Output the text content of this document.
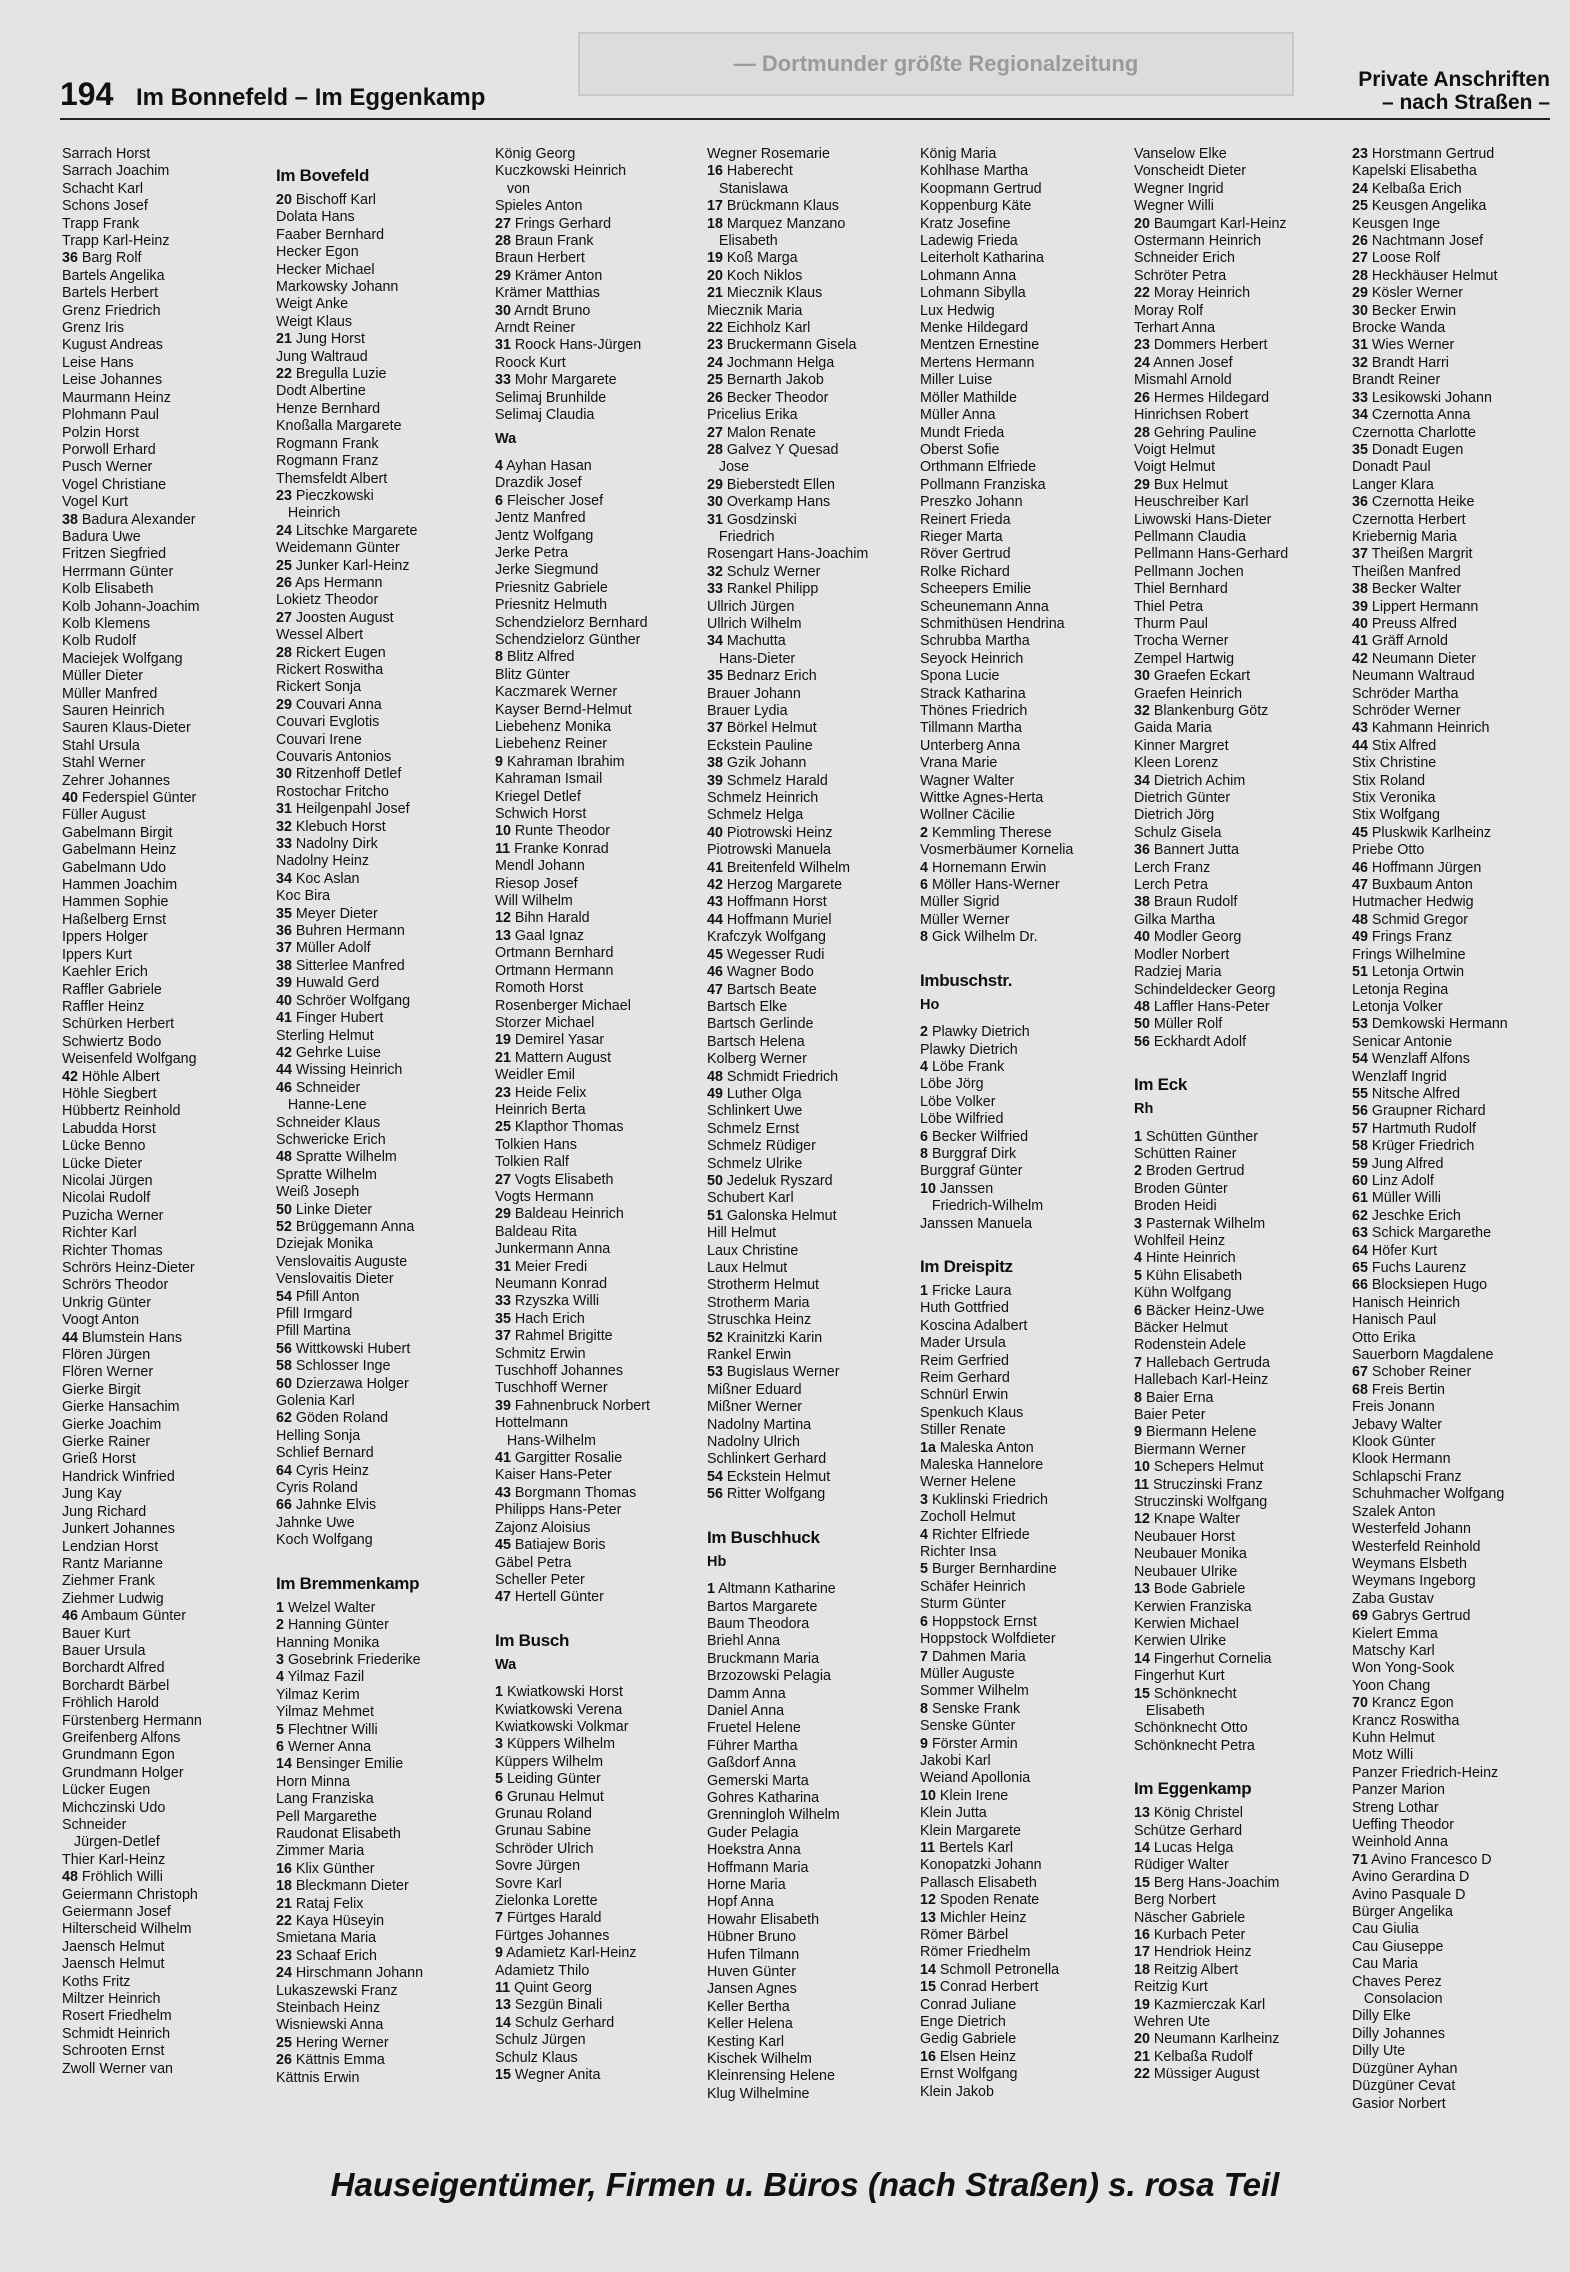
— Dortmunder größte Regionalzeitung
194 Im Bonnefeld – Im Eggenkamp
Private Anschriften
– nach Straßen –
Sarrach Horst
Sarrach Joachim
Schacht Karl
Schons Josef
Trapp Frank
Trapp Karl-Heinz
36 Barg Rolf
Bartels Angelika
Bartels Herbert
Grenz Friedrich
Grenz Iris
Kugust Andreas
Leise Hans
Leise Johannes
Maurmann Heinz
Plohmann Paul
Polzin Horst
Porwoll Erhard
Pusch Werner
Vogel Christiane
Vogel Kurt
38 Badura Alexander
Badura Uwe
Fritzen Siegfried
Herrmann Günter
Kolb Elisabeth
Kolb Johann-Joachim
Kolb Klemens
Kolb Rudolf
Maciejek Wolfgang
Müller Dieter
Müller Manfred
Sauren Heinrich
Sauren Klaus-Dieter
Stahl Ursula
Stahl Werner
Zehrer Johannes
40 Federspiel Günter
Füller August
Gabelmann Birgit
Gabelmann Heinz
Gabelmann Udo
Hammen Joachim
Hammen Sophie
Haßelberg Ernst
Ippers Holger
Ippers Kurt
Kaehler Erich
Raffler Gabriele
Raffler Heinz
Schürken Herbert
Schwiertz Bodo
Weisenfeld Wolfgang
42 Höhle Albert
Höhle Siegbert
Hübbertz Reinhold
Labudda Horst
Lücke Benno
Lücke Dieter
Nicolai Jürgen
Nicolai Rudolf
Puzicha Werner
Richter Karl
Richter Thomas
Schrörs Heinz-Dieter
Schrörs Theodor
Unkrig Günter
Voogt Anton
44 Blumstein Hans
Flören Jürgen
Flören Werner
Gierke Birgit
Gierke Hansachim
Gierke Joachim
Gierke Rainer
Grieß Horst
Handrick Winfried
Jung Kay
Jung Richard
Junkert Johannes
Lendzian Horst
Rantz Marianne
Ziehmer Frank
Ziehmer Ludwig
46 Ambaum Günter
Bauer Kurt
Bauer Ursula
Borchardt Alfred
Borchardt Bärbel
Fröhlich Harold
Fürstenberg Hermann
Greifenberg Alfons
Grundmann Egon
Grundmann Holger
Lücker Eugen
Michczinski Udo
Schneider
Jürgen-Detlef
Thier Karl-Heinz
48 Fröhlich Willi
Geiermann Christoph
Geiermann Josef
Hilterscheid Wilhelm
Jaensch Helmut
Jaensch Helmut
Koths Fritz
Miltzer Heinrich
Rosert Friedhelm
Schmidt Heinrich
Schrooten Ernst
Zwoll Werner van
Im Bovefeld
20 Bischoff Karl
Dolata Hans
Faaber Bernhard
Hecker Egon
Hecker Michael
Markowsky Johann
Weigt Anke
Weigt Klaus
21 Jung Horst
Jung Waltraud
22 Bregulla Luzie
Dodt Albertine
Henze Bernhard
Knoßalla Margarete
Rogmann Frank
Rogmann Franz
Themsfeldt Albert
23 Pieczkowski
Heinrich
24 Litschke Margarete
Weidemann Günter
25 Junker Karl-Heinz
26 Aps Hermann
Lokietz Theodor
27 Joosten August
Wessel Albert
28 Rickert Eugen
Rickert Roswitha
Rickert Sonja
29 Couvari Anna
Couvari Evglotis
Couvari Irene
Couvaris Antonios
30 Ritzenhoff Detlef
Rostochar Fritcho
31 Heilgenpahl Josef
32 Klebuch Horst
33 Nadolny Dirk
Nadolny Heinz
34 Koc Aslan
Koc Bira
35 Meyer Dieter
36 Buhren Hermann
37 Müller Adolf
38 Sitterlee Manfred
39 Huwald Gerd
40 Schröer Wolfgang
41 Finger Hubert
Sterling Helmut
42 Gehrke Luise
44 Wissing Heinrich
46 Schneider
Hanne-Lene
Schneider Klaus
Schwericke Erich
48 Spratte Wilhelm
Spratte Wilhelm
Weiß Joseph
50 Linke Dieter
52 Brüggemann Anna
Dziejak Monika
Venslovaitis Auguste
Venslovaitis Dieter
54 Pfill Anton
Pfill Irmgard
Pfill Martina
56 Wittkowski Hubert
58 Schlosser Inge
60 Dzierzawa Holger
Golenia Karl
62 Göden Roland
Helling Sonja
Schlief Bernard
64 Cyris Heinz
Cyris Roland
66 Jahnke Elvis
Jahnke Uwe
Koch Wolfgang
Im Bremmenkamp
1 Welzel Walter
2 Hanning Günter
Hanning Monika
3 Gosebrink Friederike
4 Yilmaz Fazil
Yilmaz Kerim
Yilmaz Mehmet
5 Flechtner Willi
6 Werner Anna
14 Bensinger Emilie
Horn Minna
Lang Franziska
Pell Margarethe
Raudonat Elisabeth
Zimmer Maria
16 Klix Günther
18 Bleckmann Dieter
21 Rataj Felix
22 Kaya Hüseyin
Smietana Maria
23 Schaaf Erich
24 Hirschmann Johann
Lukaszewski Franz
Steinbach Heinz
Wisniewski Anna
25 Hering Werner
26 Kättnis Emma
Kättnis Erwin
König Georg
Kuczkowski Heinrich
von
Spieles Anton
27 Frings Gerhard
28 Braun Frank
Braun Herbert
29 Krämer Anton
Krämer Matthias
30 Arndt Bruno
Arndt Reiner
31 Roock Hans-Jürgen
Roock Kurt
33 Mohr Margarete
Selimaj Brunhilde
Selimaj Claudia
Wa
4 Ayhan Hasan
Drazdik Josef
6 Fleischer Josef
Jentz Manfred
Jentz Wolfgang
Jerke Petra
Jerke Siegmund
Priesnitz Gabriele
Priesnitz Helmuth
Schendzielorz Bernhard
Schendzielorz Günther
8 Blitz Alfred
Blitz Günter
Kaczmarek Werner
Kayser Bernd-Helmut
Liebehenz Monika
Liebehenz Reiner
9 Kahraman Ibrahim
Kahraman Ismail
Kriegel Detlef
Schwich Horst
10 Runte Theodor
11 Franke Konrad
Mendl Johann
Riesop Josef
Will Wilhelm
12 Bihn Harald
13 Gaal Ignaz
Ortmann Bernhard
Ortmann Hermann
Romoth Horst
Rosenberger Michael
Storzer Michael
19 Demirel Yasar
21 Mattern August
Weidler Emil
23 Heide Felix
Heinrich Berta
25 Klapthor Thomas
Tolkien Hans
Tolkien Ralf
27 Vogts Elisabeth
Vogts Hermann
29 Baldeau Heinrich
Baldeau Rita
Junkermann Anna
31 Meier Fredi
Neumann Konrad
33 Rzyszka Willi
35 Hach Erich
37 Rahmel Brigitte
Schmitz Erwin
Tuschhoff Johannes
Tuschhoff Werner
39 Fahnenbruck Norbert
Hottelmann
Hans-Wilhelm
41 Gargitter Rosalie
Kaiser Hans-Peter
43 Borgmann Thomas
Philipps Hans-Peter
Zajonz Aloisius
45 Batiajew Boris
Gäbel Petra
Scheller Peter
47 Hertell Günter
Im Busch
Wa
1 Kwiatkowski Horst
Kwiatkowski Verena
Kwiatkowski Volkmar
3 Küppers Wilhelm
Küppers Wilhelm
5 Leiding Günter
6 Grunau Helmut
Grunau Roland
Grunau Sabine
Schröder Ulrich
Sovre Jürgen
Sovre Karl
Zielonka Lorette
7 Fürtges Harald
Fürtges Johannes
9 Adamietz Karl-Heinz
Adamietz Thilo
11 Quint Georg
13 Sezgün Binali
14 Schulz Gerhard
Schulz Jürgen
Schulz Klaus
15 Wegner Anita
Wegner Rosemarie
16 Haberecht
Stanislawa
17 Brückmann Klaus
18 Marquez Manzano
Elisabeth
19 Koß Marga
20 Koch Niklos
21 Miecznik Klaus
Miecznik Maria
22 Eichholz Karl
23 Bruckermann Gisela
24 Jochmann Helga
25 Bernarth Jakob
26 Becker Theodor
Pricelius Erika
27 Malon Renate
28 Galvez Y Quesad
Jose
29 Bieberstedt Ellen
30 Overkamp Hans
31 Gosdzinski
Friedrich
Rosengart Hans-Joachim
32 Schulz Werner
33 Rankel Philipp
Ullrich Jürgen
Ullrich Wilhelm
34 Machutta
Hans-Dieter
35 Bednarz Erich
Brauer Johann
Brauer Lydia
37 Börkel Helmut
Eckstein Pauline
38 Gzik Johann
39 Schmelz Harald
Schmelz Heinrich
Schmelz Helga
40 Piotrowski Heinz
Piotrowski Manuela
41 Breitenfeld Wilhelm
42 Herzog Margarete
43 Hoffmann Horst
44 Hoffmann Muriel
Krafczyk Wolfgang
45 Wegesser Rudi
46 Wagner Bodo
47 Bartsch Beate
Bartsch Elke
Bartsch Gerlinde
Bartsch Helena
Kolberg Werner
48 Schmidt Friedrich
49 Luther Olga
Schlinkert Uwe
Schmelz Ernst
Schmelz Rüdiger
Schmelz Ulrike
50 Jedeluk Ryszard
Schubert Karl
51 Galonska Helmut
Hill Helmut
Laux Christine
Laux Helmut
Strotherm Helmut
Strotherm Maria
Struschka Heinz
52 Krainitzki Karin
Rankel Erwin
53 Bugislaus Werner
Mißner Eduard
Mißner Werner
Nadolny Martina
Nadolny Ulrich
Schlinkert Gerhard
54 Eckstein Helmut
56 Ritter Wolfgang
Im Buschhuck
Hb
1 Altmann Katharine
Bartos Margarete
Baum Theodora
Briehl Anna
Bruckmann Maria
Brzozowski Pelagia
Damm Anna
Daniel Anna
Fruetel Helene
Führer Martha
Gaßdorf Anna
Gemerski Marta
Gohres Katharina
Grenningloh Wilhelm
Guder Pelagia
Hoekstra Anna
Hoffmann Maria
Horne Maria
Hopf Anna
Howahr Elisabeth
Hübner Bruno
Hufen Tilmann
Huven Günter
Jansen Agnes
Keller Bertha
Keller Helena
Kesting Karl
Kischek Wilhelm
Kleinrensing Helene
Klug Wilhelmine
König Maria
Kohlhase Martha
Koopmann Gertrud
Koppenburg Käte
Kratz Josefine
Ladewig Frieda
Leiterholt Katharina
Lohmann Anna
Lohmann Sibylla
Lux Hedwig
Menke Hildegard
Mentzen Ernestine
Mertens Hermann
Miller Luise
Möller Mathilde
Müller Anna
Mundt Frieda
Oberst Sofie
Orthmann Elfriede
Pollmann Franziska
Preszko Johann
Reinert Frieda
Rieger Marta
Röver Gertrud
Rolke Richard
Scheepers Emilie
Scheunemann Anna
Schmithüsen Hendrina
Schrubba Martha
Seyock Heinrich
Spona Lucie
Strack Katharina
Thönes Friedrich
Tillmann Martha
Unterberg Anna
Vrana Marie
Wagner Walter
Wittke Agnes-Herta
Wollner Cäcilie
2 Kemmling Therese
Vosmerbäumer Kornelia
4 Hornemann Erwin
6 Möller Hans-Werner
Müller Sigrid
Müller Werner
8 Gick Wilhelm Dr.
Imbuschstr.
Ho
2 Plawky Dietrich
Plawky Dietrich
4 Löbe Frank
Löbe Jörg
Löbe Volker
Löbe Wilfried
6 Becker Wilfried
8 Burggraf Dirk
Burggraf Günter
10 Janssen
Friedrich-Wilhelm
Janssen Manuela
Im Dreispitz
1 Fricke Laura
Huth Gottfried
Koscina Adalbert
Mader Ursula
Reim Gerfried
Reim Gerhard
Schnürl Erwin
Spenkuch Klaus
Stiller Renate
1a Maleska Anton
Maleska Hannelore
Werner Helene
3 Kuklinski Friedrich
Zocholl Helmut
4 Richter Elfriede
Richter Insa
5 Burger Bernhardine
Schäfer Heinrich
Sturm Günter
6 Hoppstock Ernst
Hoppstock Wolfdieter
7 Dahmen Maria
Müller Auguste
Sommer Wilhelm
8 Senske Frank
Senske Günter
9 Förster Armin
Jakobi Karl
Weiand Apollonia
10 Klein Irene
Klein Jutta
Klein Margarete
11 Bertels Karl
Konopatzki Johann
Pallasch Elisabeth
12 Spoden Renate
13 Michler Heinz
Römer Bärbel
Römer Friedhelm
14 Schmoll Petronella
15 Conrad Herbert
Conrad Juliane
Enge Dietrich
Gedig Gabriele
16 Elsen Heinz
Ernst Wolfgang
Klein Jakob
Vanselow Elke
Vonscheidt Dieter
Wegner Ingrid
Wegner Willi
20 Baumgart Karl-Heinz
Ostermann Heinrich
Schneider Erich
Schröter Petra
22 Moray Heinrich
Moray Rolf
Terhart Anna
23 Dommers Herbert
24 Annen Josef
Mismahl Arnold
26 Hermes Hildegard
Hinrichsen Robert
28 Gehring Pauline
Voigt Helmut
Voigt Helmut
29 Bux Helmut
Heuschreiber Karl
Liwowski Hans-Dieter
Pellmann Claudia
Pellmann Hans-Gerhard
Pellmann Jochen
Thiel Bernhard
Thiel Petra
Thurm Paul
Trocha Werner
Zempel Hartwig
30 Graefen Eckart
Graefen Heinrich
32 Blankenburg Götz
Gaida Maria
Kinner Margret
Kleen Lorenz
34 Dietrich Achim
Dietrich Günter
Dietrich Jörg
Schulz Gisela
36 Bannert Jutta
Lerch Franz
Lerch Petra
38 Braun Rudolf
Gilka Martha
40 Modler Georg
Modler Norbert
Radziej Maria
Schindeldecker Georg
48 Laffler Hans-Peter
50 Müller Rolf
56 Eckhardt Adolf
Im Eck
Rh
1 Schütten Günther
Schütten Rainer
2 Broden Gertrud
Broden Günter
Broden Heidi
3 Pasternak Wilhelm
Wohlfeil Heinz
4 Hinte Heinrich
5 Kühn Elisabeth
Kühn Wolfgang
6 Bäcker Heinz-Uwe
Bäcker Helmut
Rodenstein Adele
7 Hallebach Gertruda
Hallebach Karl-Heinz
8 Baier Erna
Baier Peter
9 Biermann Helene
Biermann Werner
10 Schepers Helmut
11 Struczinski Franz
Struczinski Wolfgang
12 Knape Walter
Neubauer Horst
Neubauer Monika
Neubauer Ulrike
13 Bode Gabriele
Kerwien Franziska
Kerwien Michael
Kerwien Ulrike
14 Fingerhut Cornelia
Fingerhut Kurt
15 Schönknecht
Elisabeth
Schönknecht Otto
Schönknecht Petra
Im Eggenkamp
13 König Christel
Schütze Gerhard
14 Lucas Helga
Rüdiger Walter
15 Berg Hans-Joachim
Berg Norbert
Näscher Gabriele
16 Kurbach Peter
17 Hendriok Heinz
18 Reitzig Albert
Reitzig Kurt
19 Kazmierczak Karl
Wehren Ute
20 Neumann Karlheinz
21 Kelbaßa Rudolf
22 Müssiger August
23 Horstmann Gertrud
Kapelski Elisabetha
24 Kelbaßa Erich
25 Keusgen Angelika
Keusgen Inge
26 Nachtmann Josef
27 Loose Rolf
28 Heckhäuser Helmut
29 Kösler Werner
30 Becker Erwin
Brocke Wanda
31 Wies Werner
32 Brandt Harri
Brandt Reiner
33 Lesikowski Johann
34 Czernotta Anna
Czernotta Charlotte
35 Donadt Eugen
Donadt Paul
Langer Klara
36 Czernotta Heike
Czernotta Herbert
Kriebernig Maria
37 Theißen Margrit
Theißen Manfred
38 Becker Walter
39 Lippert Hermann
40 Preuss Alfred
41 Gräff Arnold
42 Neumann Dieter
Neumann Waltraud
Schröder Martha
Schröder Werner
43 Kahmann Heinrich
44 Stix Alfred
Stix Christine
Stix Roland
Stix Veronika
Stix Wolfgang
45 Pluskwik Karlheinz
Priebe Otto
46 Hoffmann Jürgen
47 Buxbaum Anton
Hutmacher Hedwig
48 Schmid Gregor
49 Frings Franz
Frings Wilhelmine
51 Letonja Ortwin
Letonja Regina
Letonja Volker
53 Demkowski Hermann
Senicar Antonie
54 Wenzlaff Alfons
Wenzlaff Ingrid
55 Nitsche Alfred
56 Graupner Richard
57 Hartmuth Rudolf
58 Krüger Friedrich
59 Jung Alfred
60 Linz Adolf
61 Müller Willi
62 Jeschke Erich
63 Schick Margarethe
64 Höfer Kurt
65 Fuchs Laurenz
66 Blocksiepen Hugo
Hanisch Heinrich
Hanisch Paul
Otto Erika
Sauerborn Magdalene
67 Schober Reiner
68 Freis Bertin
Freis Jonann
Jebavy Walter
Klook Günter
Klook Hermann
Schlapschi Franz
Schuhmacher Wolfgang
Szalek Anton
Westerfeld Johann
Westerfeld Reinhold
Weymans Elsbeth
Weymans Ingeborg
Zaba Gustav
69 Gabrys Gertrud
Kielert Emma
Matschy Karl
Won Yong-Sook
Yoon Chang
70 Krancz Egon
Krancz Roswitha
Kuhn Helmut
Motz Willi
Panzer Friedrich-Heinz
Panzer Marion
Streng Lothar
Ueffing Theodor
Weinhold Anna
71 Avino Francesco D
Avino Gerardina D
Avino Pasquale D
Bürger Angelika
Cau Giulia
Cau Giuseppe
Cau Maria
Chaves Perez
Consolacion
Dilly Elke
Dilly Johannes
Dilly Ute
Düzgüner Ayhan
Düzgüner Cevat
Gasior Norbert
Hauseigentümer, Firmen u. Büros (nach Straßen) s. rosa Teil
